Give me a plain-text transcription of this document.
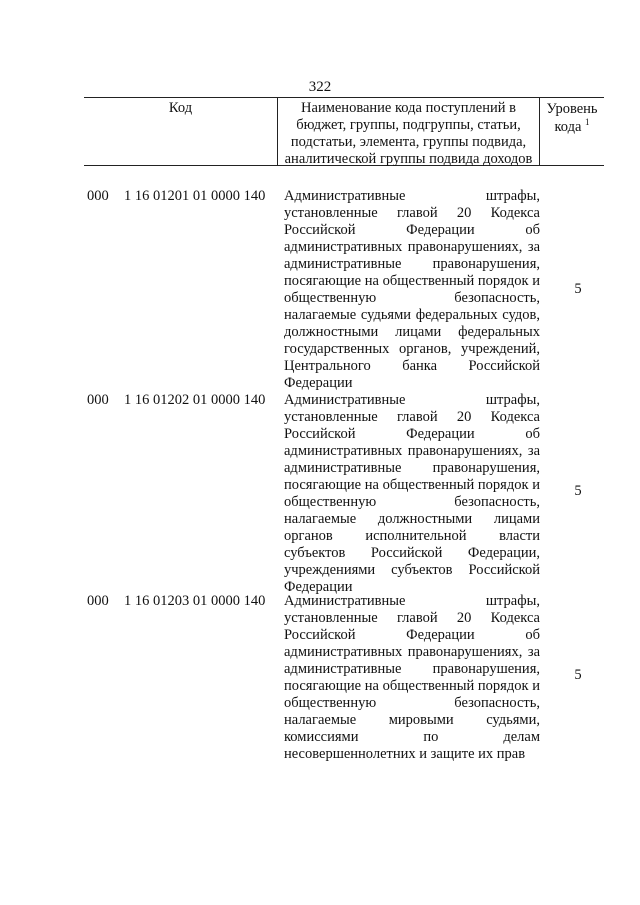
322
Код	Наименование кода поступлений в
бюджет, группы, подгруппы, статьи,
подстатьи, элемента, группы подвида,
аналитической группы подвида доходов
Уровень
кода $^1$
000 1 16 01201 01 0000 140 Административные штрафы,
установленные главой 20 Кодекса
Российской Федерации об
административных правонарушениях, за
административные правонарушения,
посягающие на общественный порядок и
общественную безопасность,
налагаемые судьями федеральных судов,
должностными лицами федеральных
государственных органов, учреждений,
Центрального банка Российской
Федерации
5
000 1 16 01202 01 0000 140 Административные штрафы,
установленные главой 20 Кодекса
Российской Федерации об
административных правонарушениях, за
административные правонарушения,
посягающие на общественный порядок и
общественную безопасность,
налагаемые должностными лицами
органов исполнительной власти
субъектов Российской Федерации,
учреждениями субъектов Российской
Федерации
5
000 1 16 01203 01 0000 140 Административные штрафы,
установленные главой 20 Кодекса
Российской Федерации об
административных правонарушениях, за
административные правонарушения,
посягающие на общественный порядок и
общественную безопасность,
налагаемые мировыми судьями,
комиссиями по делам
несовершеннолетних и защите их прав
5
